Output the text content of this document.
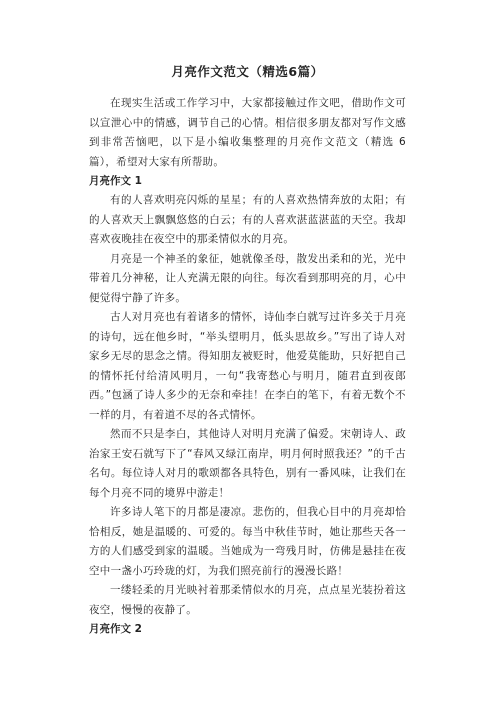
月亮作文范文（精选6篇）

在现实生活或工作学习中，大家都接触过作文吧，借助作文可以宣泄心中的情感，调节自己的心情。相信很多朋友都对写作文感到非常苦恼吧，以下是小编收集整理的月亮作文范文（精选 6 篇），希望对大家有所帮助。

月亮作文 1

有的人喜欢明亮闪烁的星星；有的人喜欢热情奔放的太阳；有的人喜欢天上飘飘悠悠的白云；有的人喜欢湛蓝湛蓝的天空。我却喜欢夜晚挂在夜空中的那柔情似水的月亮。

月亮是一个神圣的象征，她就像圣母，散发出柔和的光，光中带着几分神秘，让人充满无限的向往。每次看到那明亮的月，心中便觉得宁静了许多。

古人对月亮也有着诸多的情怀，诗仙李白就写过许多关于月亮的诗句，远在他乡时，“举头望明月，低头思故乡。”写出了诗人对家乡无尽的思念之情。得知朋友被贬时，他爱莫能助，只好把自己的情怀托付给清风明月，一句“我寄愁心与明月，随君直到夜郎西。”包涵了诗人多少的无奈和牵挂！在李白的笔下，有着无数个不一样的月，有着道不尽的各式情怀。

然而不只是李白，其他诗人对明月充满了偏爱。宋朝诗人、政治家王安石就写下了“春风又绿江南岸，明月何时照我还？”的千古名句。每位诗人对月的歌颂都各具特色，别有一番风味，让我们在每个月亮不同的境界中游走！

许多诗人笔下的月都是凄凉。悲伤的，但我心目中的月亮却恰恰相反，她是温暖的、可爱的。每当中秋佳节时，她让那些天各一方的人们感受到家的温暖。当她成为一弯残月时，仿佛是悬挂在夜空中一盏小巧玲珑的灯，为我们照亮前行的漫漫长路！

一缕轻柔的月光映衬着那柔情似水的月亮，点点星光装扮着这夜空，慢慢的夜静了。

月亮作文 2
